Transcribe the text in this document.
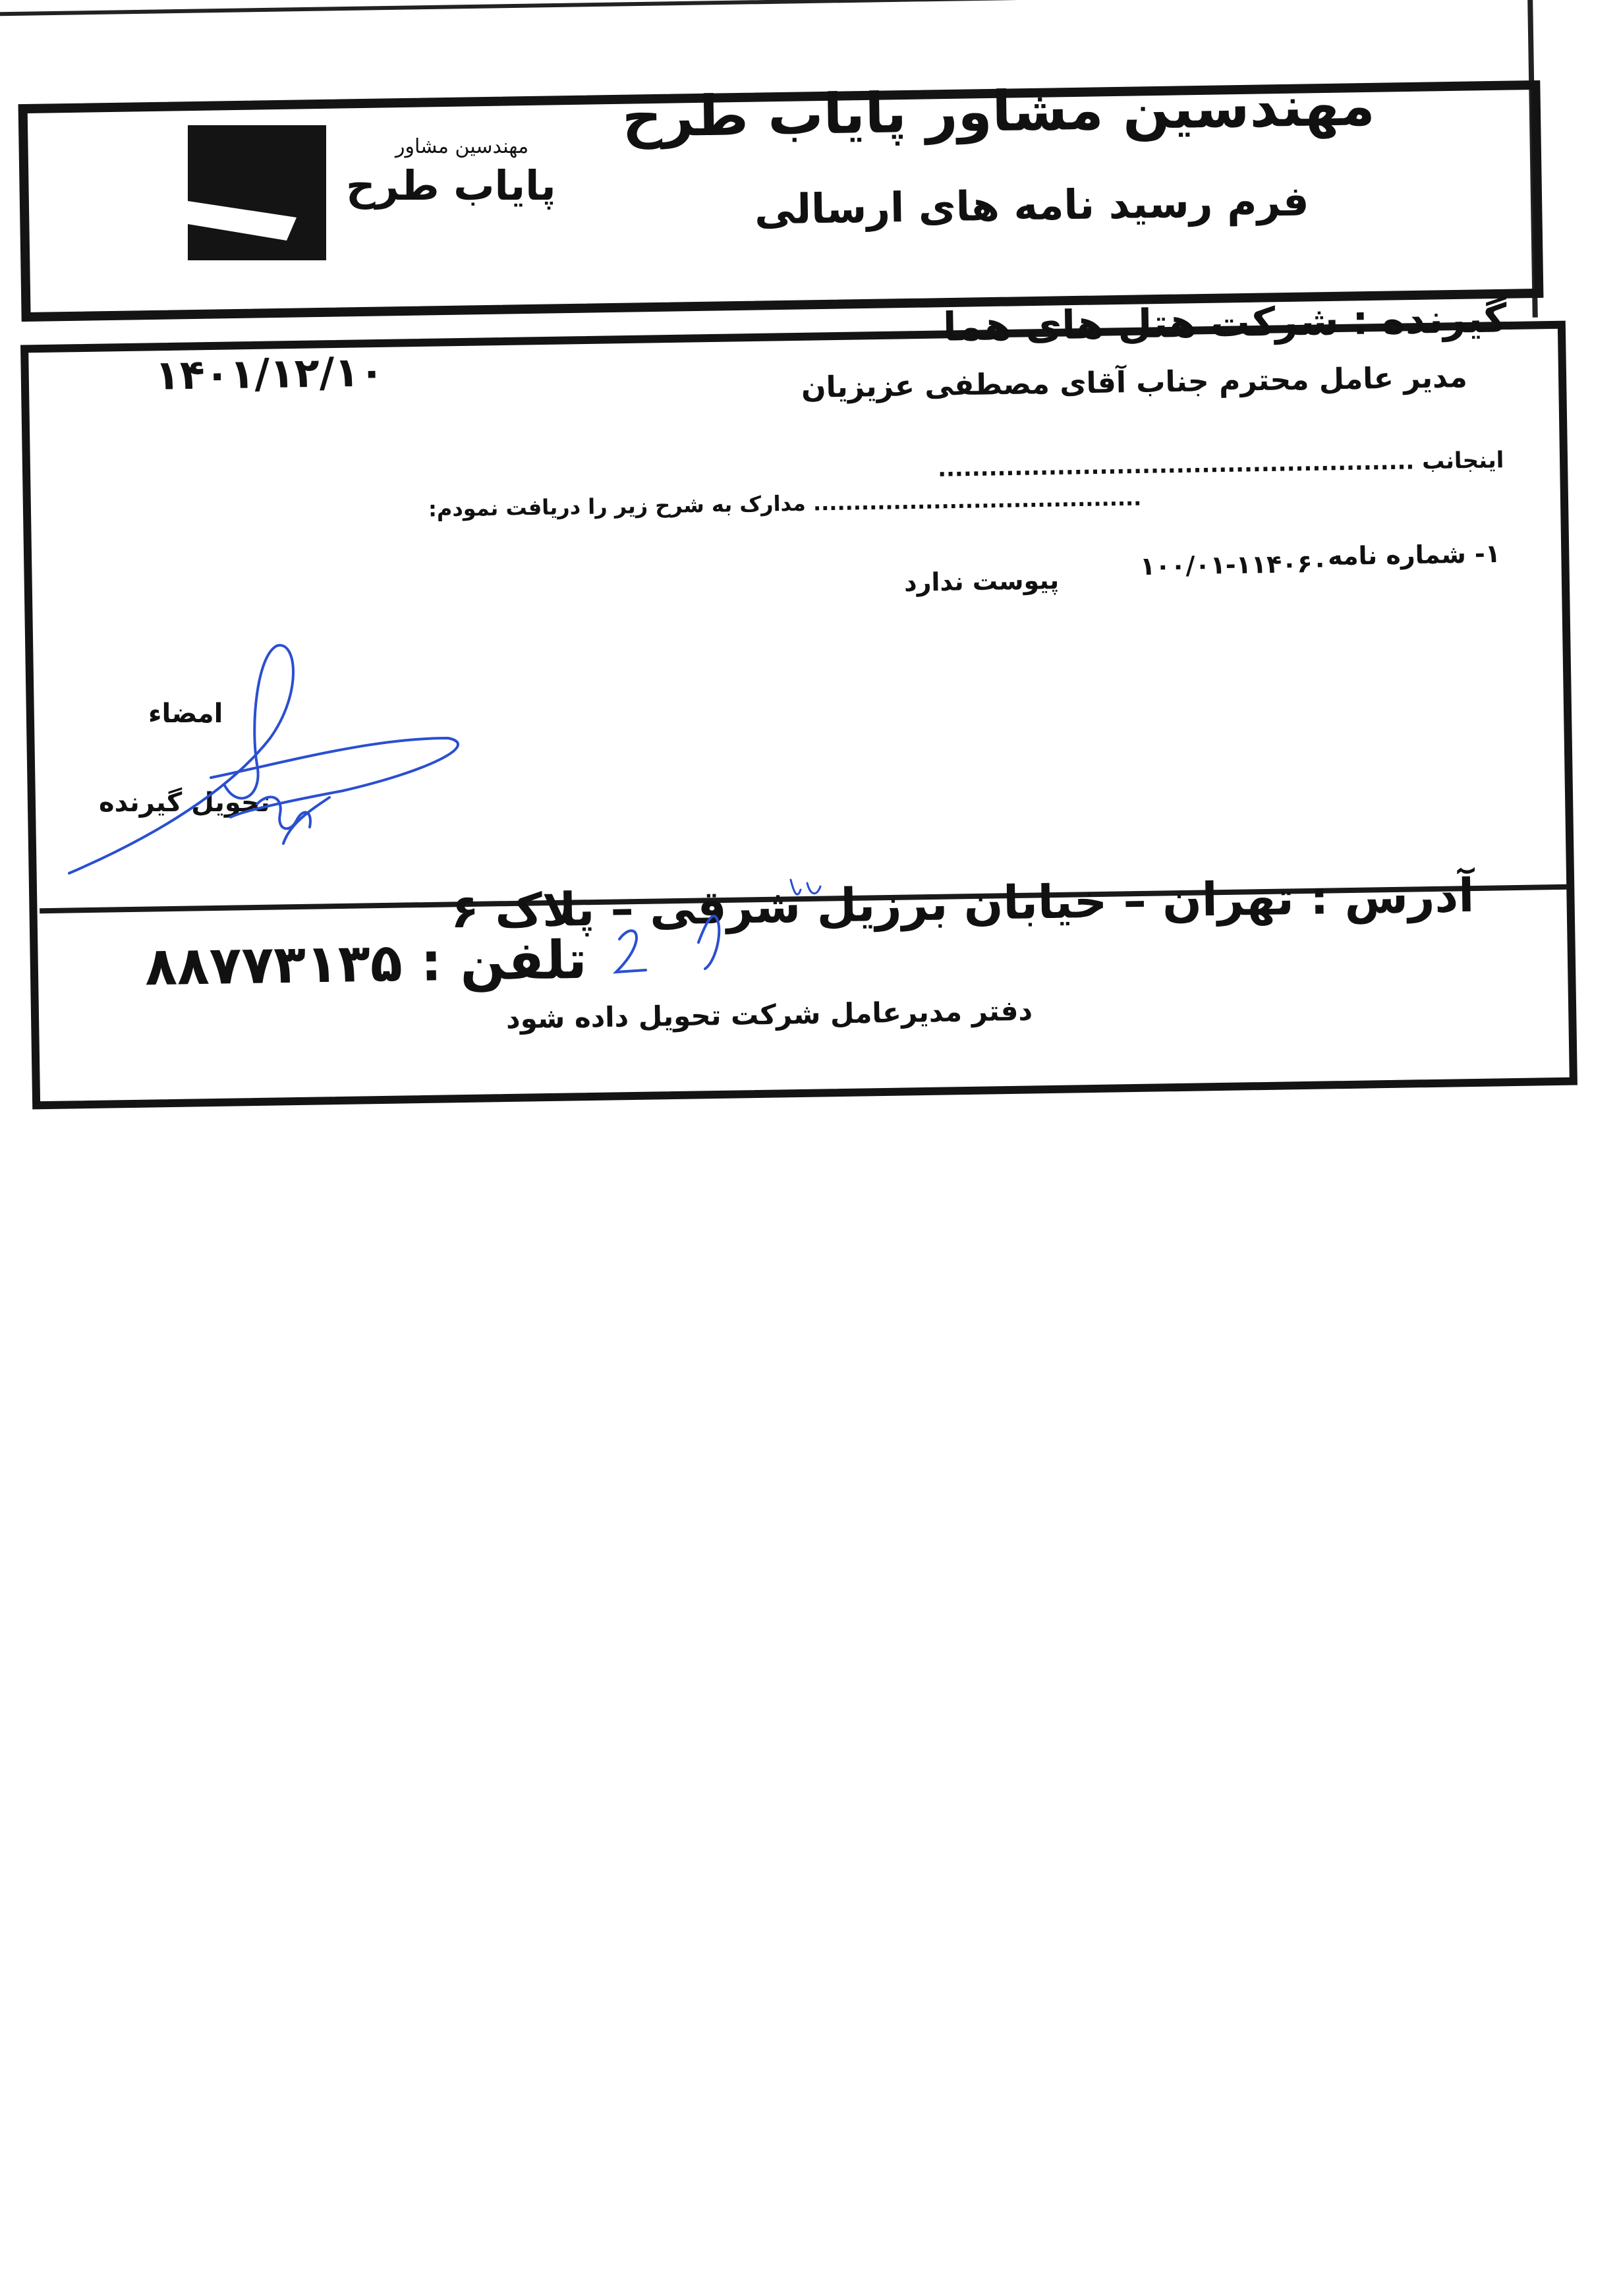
مهندسین مشاور پایاب طرح
فرم رسید نامه های ارسالی
مهندسین مشاور
پایاب طرح
گیرنده : شرکت هتل های هما
۱۴۰۱/۱۲/۱۰	مدیر عامل محترم جناب آقای مصطفی عزیزیان
اینجانب ........................................................
......................................... مدارک به شرح زیر را دریافت نمودم:
۱- شماره نامه
۱۰۰/۰۱-۱۱۴۰۶۰
پیوست ندارد
امضاء
تحویل گیرنده
آدرس : تهران – خیابان برزیل شرقی – پلاک ۶
تلفن : ۸۸۷۷۳۱۳۵
دفتر مدیرعامل شرکت تحویل داده شود
